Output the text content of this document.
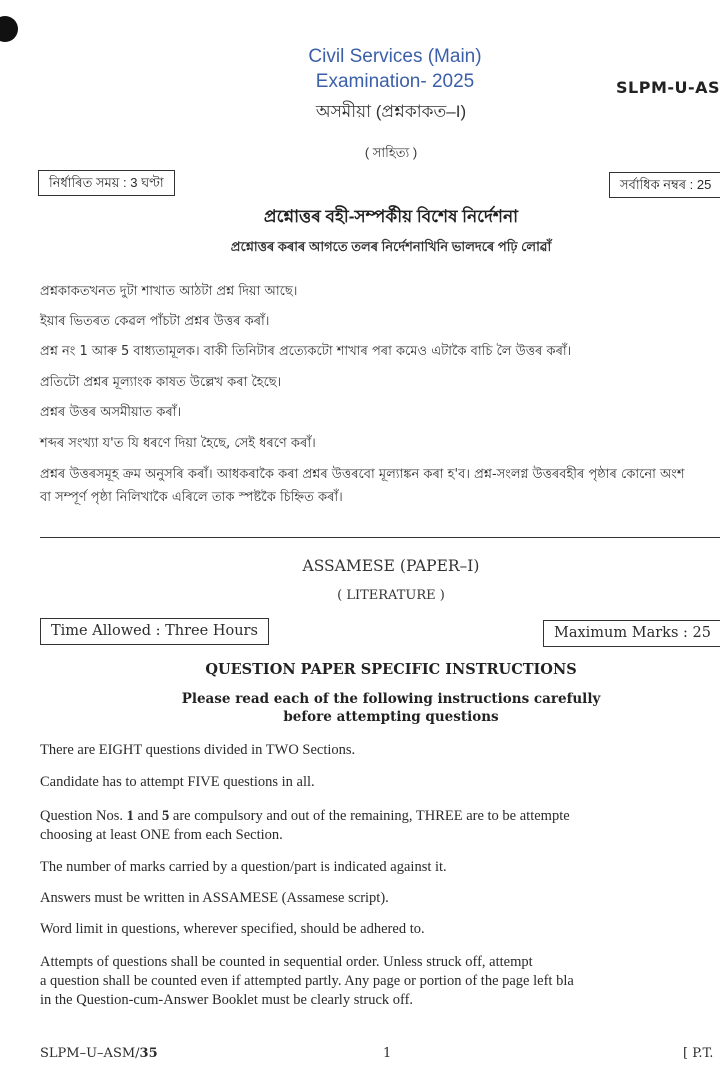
Civil Services (Main)
Examination- 2025	SLPM-U-AS
অসমীয়া (প্ৰশ্নকাকত–I)
( সাহিত্য )
নিৰ্ধাৰিত সময় : 3 ঘণ্টা	সৰ্বাধিক নম্বৰ : 25
প্ৰশ্নোত্তৰ বহী-সম্পৰ্কীয় বিশেষ নিৰ্দেশনা
প্ৰশ্নোত্তৰ কৰাৰ আগতে তলৰ নিৰ্দেশনাখিনি ভালদৰে পঢ়ি লোৱাঁ
প্ৰশ্নকাকতখনত দুটা শাখাত আঠটা প্ৰশ্ন দিয়া আছে।
ইয়াৰ ভিতৰত কেৱল পাঁচটা প্ৰশ্নৰ উত্তৰ কৰাঁ।
প্ৰশ্ন নং 1 আৰু 5 বাধ্যতামূলক। বাকী তিনিটাৰ প্ৰত্যেকটো শাখাৰ পৰা কমেও এটাকৈ বাচি লৈ উত্তৰ কৰাঁ।
প্ৰতিটো প্ৰশ্নৰ মূল্যাংক কাষত উল্লেখ কৰা হৈছে।
প্ৰশ্নৰ উত্তৰ অসমীয়াত কৰাঁ।
শব্দৰ সংখ্যা য'ত যি ধৰণে দিয়া হৈছে, সেই ধৰণে কৰাঁ।
প্ৰশ্নৰ উত্তৰসমূহ ক্ৰম অনুসৰি কৰাঁ। আধকৰাকৈ কৰা প্ৰশ্নৰ উত্তৰবো মূল্যাঙ্কন কৰা হ'ব। প্ৰশ্ন-সংলগ্ন উত্তৰবহীৰ পৃষ্ঠাৰ কোনো অংশ
বা সম্পূৰ্ণ পৃষ্ঠা নিলিখাকৈ এৰিলে তাক স্পষ্টকৈ চিহ্নিত কৰাঁ।
ASSAMESE (PAPER–I)
( LITERATURE )
Time Allowed : Three Hours	Maximum Marks : 25
QUESTION PAPER SPECIFIC INSTRUCTIONS
Please read each of the following instructions carefully
before attempting questions
There are EIGHT questions divided in TWO Sections.
Candidate has to attempt FIVE questions in all.
Question Nos. 1 and 5 are compulsory and out of the remaining, THREE are to be attempte
choosing at least ONE from each Section.
The number of marks carried by a question/part is indicated against it.
Answers must be written in ASSAMESE (Assamese script).
Word limit in questions, wherever specified, should be adhered to.
Attempts of questions shall be counted in sequential order. Unless struck off, attempt
a question shall be counted even if attempted partly. Any page or portion of the page left bla
in the Question-cum-Answer Booklet must be clearly struck off.
SLPM–U–ASM/35	1	[ P.T.
